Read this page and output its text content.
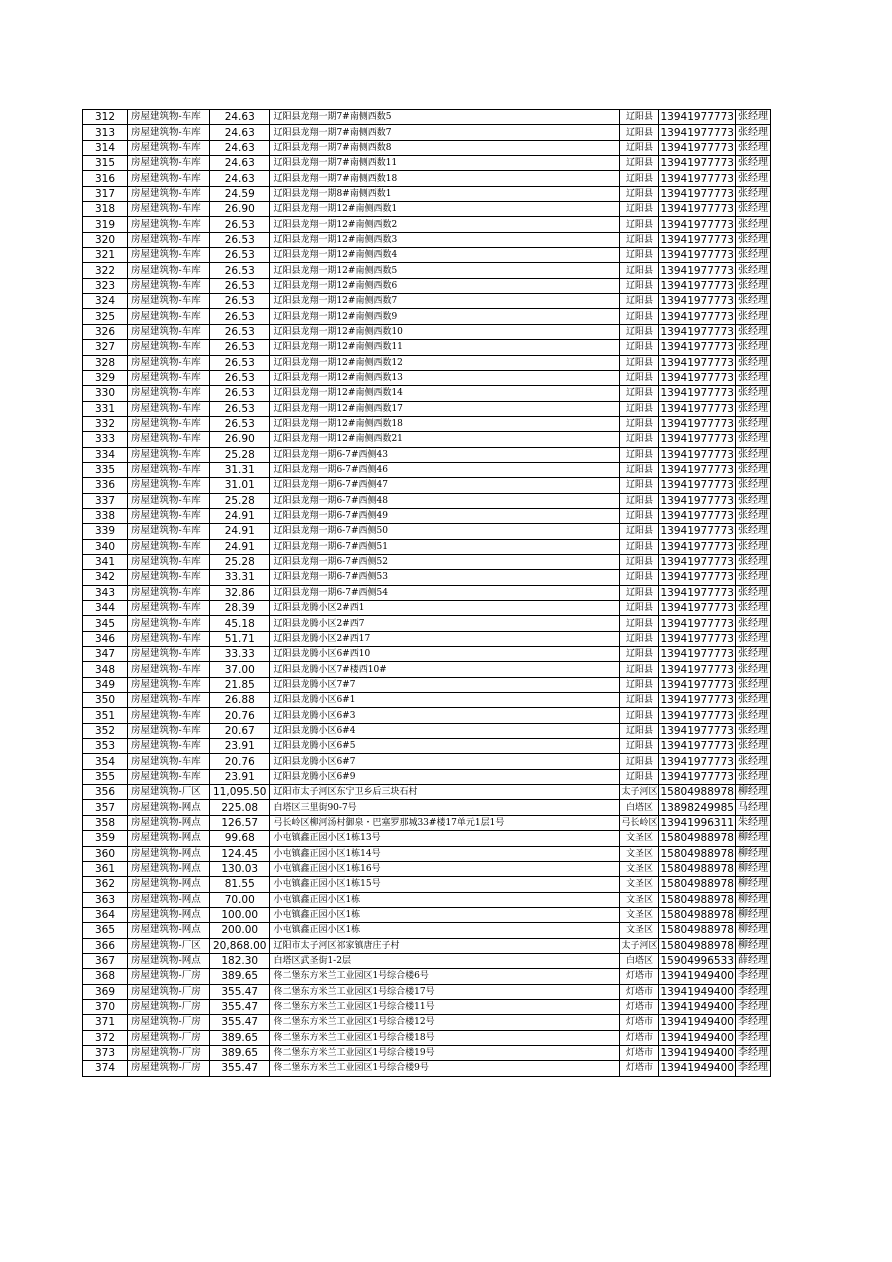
312	房屋建筑物-车库	24.63	辽阳县龙翔一期7#南侧西数5	辽阳县	13941977773	张经理
313	房屋建筑物-车库	24.63	辽阳县龙翔一期7#南侧西数7	辽阳县	13941977773	张经理
314	房屋建筑物-车库	24.63	辽阳县龙翔一期7#南侧西数8	辽阳县	13941977773	张经理
315	房屋建筑物-车库	24.63	辽阳县龙翔一期7#南侧西数11	辽阳县	13941977773	张经理
316	房屋建筑物-车库	24.63	辽阳县龙翔一期7#南侧西数18	辽阳县	13941977773	张经理
317	房屋建筑物-车库	24.59	辽阳县龙翔一期8#南侧西数1	辽阳县	13941977773	张经理
318	房屋建筑物-车库	26.90	辽阳县龙翔一期12#南侧西数1	辽阳县	13941977773	张经理
319	房屋建筑物-车库	26.53	辽阳县龙翔一期12#南侧西数2	辽阳县	13941977773	张经理
320	房屋建筑物-车库	26.53	辽阳县龙翔一期12#南侧西数3	辽阳县	13941977773	张经理
321	房屋建筑物-车库	26.53	辽阳县龙翔一期12#南侧西数4	辽阳县	13941977773	张经理
322	房屋建筑物-车库	26.53	辽阳县龙翔一期12#南侧西数5	辽阳县	13941977773	张经理
323	房屋建筑物-车库	26.53	辽阳县龙翔一期12#南侧西数6	辽阳县	13941977773	张经理
324	房屋建筑物-车库	26.53	辽阳县龙翔一期12#南侧西数7	辽阳县	13941977773	张经理
325	房屋建筑物-车库	26.53	辽阳县龙翔一期12#南侧西数9	辽阳县	13941977773	张经理
326	房屋建筑物-车库	26.53	辽阳县龙翔一期12#南侧西数10	辽阳县	13941977773	张经理
327	房屋建筑物-车库	26.53	辽阳县龙翔一期12#南侧西数11	辽阳县	13941977773	张经理
328	房屋建筑物-车库	26.53	辽阳县龙翔一期12#南侧西数12	辽阳县	13941977773	张经理
329	房屋建筑物-车库	26.53	辽阳县龙翔一期12#南侧西数13	辽阳县	13941977773	张经理
330	房屋建筑物-车库	26.53	辽阳县龙翔一期12#南侧西数14	辽阳县	13941977773	张经理
331	房屋建筑物-车库	26.53	辽阳县龙翔一期12#南侧西数17	辽阳县	13941977773	张经理
332	房屋建筑物-车库	26.53	辽阳县龙翔一期12#南侧西数18	辽阳县	13941977773	张经理
333	房屋建筑物-车库	26.90	辽阳县龙翔一期12#南侧西数21	辽阳县	13941977773	张经理
334	房屋建筑物-车库	25.28	辽阳县龙翔一期6-7#西侧43	辽阳县	13941977773	张经理
335	房屋建筑物-车库	31.31	辽阳县龙翔一期6-7#西侧46	辽阳县	13941977773	张经理
336	房屋建筑物-车库	31.01	辽阳县龙翔一期6-7#西侧47	辽阳县	13941977773	张经理
337	房屋建筑物-车库	25.28	辽阳县龙翔一期6-7#西侧48	辽阳县	13941977773	张经理
338	房屋建筑物-车库	24.91	辽阳县龙翔一期6-7#西侧49	辽阳县	13941977773	张经理
339	房屋建筑物-车库	24.91	辽阳县龙翔一期6-7#西侧50	辽阳县	13941977773	张经理
340	房屋建筑物-车库	24.91	辽阳县龙翔一期6-7#西侧51	辽阳县	13941977773	张经理
341	房屋建筑物-车库	25.28	辽阳县龙翔一期6-7#西侧52	辽阳县	13941977773	张经理
342	房屋建筑物-车库	33.31	辽阳县龙翔一期6-7#西侧53	辽阳县	13941977773	张经理
343	房屋建筑物-车库	32.86	辽阳县龙翔一期6-7#西侧54	辽阳县	13941977773	张经理
344	房屋建筑物-车库	28.39	辽阳县龙腾小区2#西1	辽阳县	13941977773	张经理
345	房屋建筑物-车库	45.18	辽阳县龙腾小区2#西7	辽阳县	13941977773	张经理
346	房屋建筑物-车库	51.71	辽阳县龙腾小区2#西17	辽阳县	13941977773	张经理
347	房屋建筑物-车库	33.33	辽阳县龙腾小区6#西10	辽阳县	13941977773	张经理
348	房屋建筑物-车库	37.00	辽阳县龙腾小区7#楼西10#	辽阳县	13941977773	张经理
349	房屋建筑物-车库	21.85	辽阳县龙腾小区7#7	辽阳县	13941977773	张经理
350	房屋建筑物-车库	26.88	辽阳县龙腾小区6#1	辽阳县	13941977773	张经理
351	房屋建筑物-车库	20.76	辽阳县龙腾小区6#3	辽阳县	13941977773	张经理
352	房屋建筑物-车库	20.67	辽阳县龙腾小区6#4	辽阳县	13941977773	张经理
353	房屋建筑物-车库	23.91	辽阳县龙腾小区6#5	辽阳县	13941977773	张经理
354	房屋建筑物-车库	20.76	辽阳县龙腾小区6#7	辽阳县	13941977773	张经理
355	房屋建筑物-车库	23.91	辽阳县龙腾小区6#9	辽阳县	13941977773	张经理
356	房屋建筑物-厂区	11,095.50	辽阳市太子河区东宁卫乡后三块石村	太子河区	15804988978	柳经理
357	房屋建筑物-网点	225.08	白塔区三里街90-7号	白塔区	13898249985	马经理
358	房屋建筑物-网点	126.57	弓长岭区柳河汤村御泉・巴塞罗那城33#楼17单元1层1号	弓长岭区	13941996311	朱经理
359	房屋建筑物-网点	99.68	小屯镇鑫正园小区1栋13号	文圣区	15804988978	柳经理
360	房屋建筑物-网点	124.45	小屯镇鑫正园小区1栋14号	文圣区	15804988978	柳经理
361	房屋建筑物-网点	130.03	小屯镇鑫正园小区1栋16号	文圣区	15804988978	柳经理
362	房屋建筑物-网点	81.55	小屯镇鑫正园小区1栋15号	文圣区	15804988978	柳经理
363	房屋建筑物-网点	70.00	小屯镇鑫正园小区1栋	文圣区	15804988978	柳经理
364	房屋建筑物-网点	100.00	小屯镇鑫正园小区1栋	文圣区	15804988978	柳经理
365	房屋建筑物-网点	200.00	小屯镇鑫正园小区1栋	文圣区	15804988978	柳经理
366	房屋建筑物-厂区	20,868.00	辽阳市太子河区祁家镇唐庄子村	太子河区	15804988978	柳经理
367	房屋建筑物-网点	182.30	白塔区武圣街1-2层	白塔区	15904996533	薛经理
368	房屋建筑物-厂房	389.65	佟二堡东方米兰工业园区1号综合楼6号	灯塔市	13941949400	李经理
369	房屋建筑物-厂房	355.47	佟二堡东方米兰工业园区1号综合楼17号	灯塔市	13941949400	李经理
370	房屋建筑物-厂房	355.47	佟二堡东方米兰工业园区1号综合楼11号	灯塔市	13941949400	李经理
371	房屋建筑物-厂房	355.47	佟二堡东方米兰工业园区1号综合楼12号	灯塔市	13941949400	李经理
372	房屋建筑物-厂房	389.65	佟二堡东方米兰工业园区1号综合楼18号	灯塔市	13941949400	李经理
373	房屋建筑物-厂房	389.65	佟二堡东方米兰工业园区1号综合楼19号	灯塔市	13941949400	李经理
374	房屋建筑物-厂房	355.47	佟二堡东方米兰工业园区1号综合楼9号	灯塔市	13941949400	李经理
